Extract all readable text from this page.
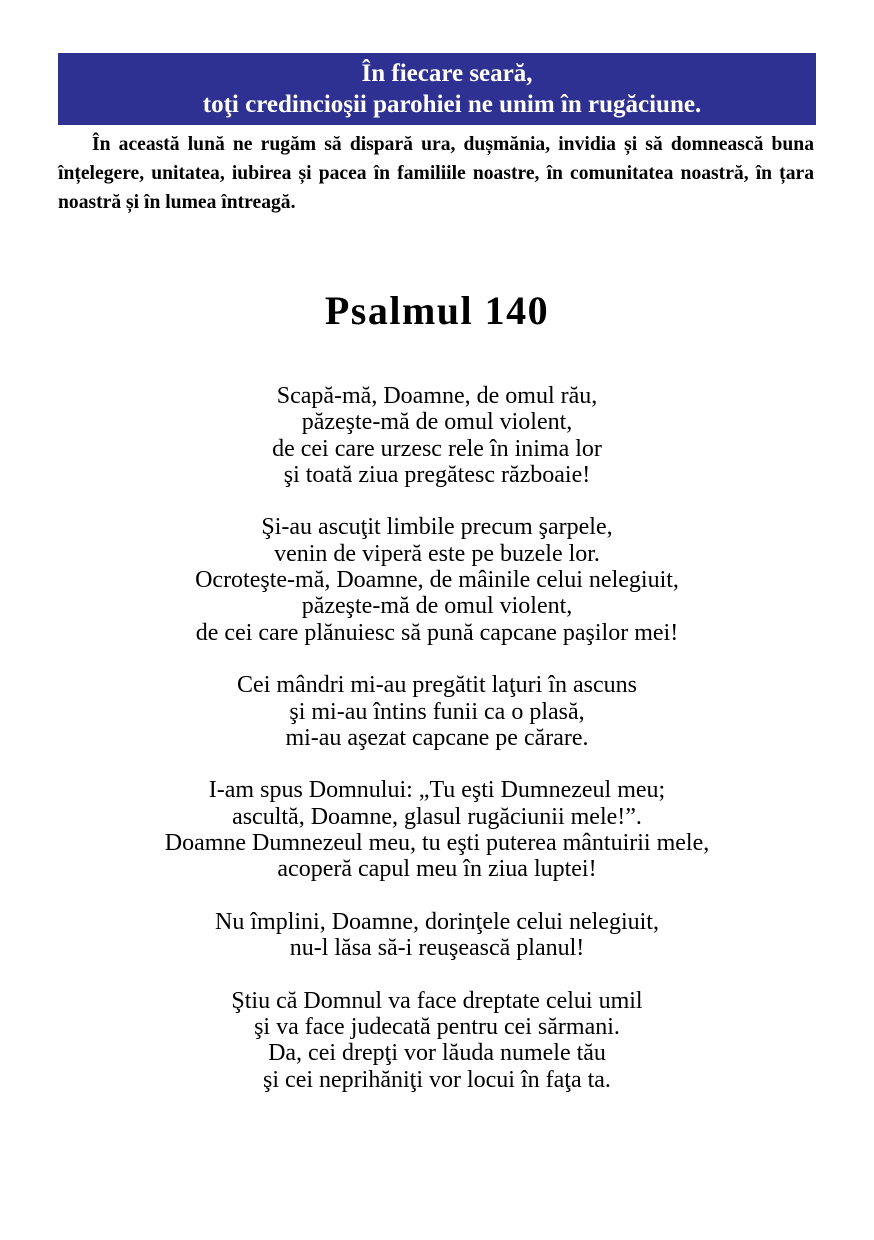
În fiecare seară,
toţi credincioşii parohiei ne unim în rugăciune.

În această lună ne rugăm să dispară ura, dușmănia, invidia și să domnească buna înțelegere, unitatea, iubirea și pacea în familiile noastre, în comunitatea noastră, în țara noastră și în lumea întreagă.

Psalmul 140
Scapă-mă, Doamne, de omul rău,
păzeşte-mă de omul violent,
de cei care urzesc rele în inima lor
şi toată ziua pregătesc războaie!
Şi-au ascuţit limbile precum şarpele,
venin de viperă este pe buzele lor.
Ocroteşte-mă, Doamne, de mâinile celui nelegiuit,
păzeşte-mă de omul violent,
de cei care plănuiesc să pună capcane paşilor mei!
Cei mândri mi-au pregătit laţuri în ascuns
şi mi-au întins funii ca o plasă,
mi-au aşezat capcane pe cărare.
I-am spus Domnului: „Tu eşti Dumnezeul meu;
ascultă, Doamne, glasul rugăciunii mele!”.
Doamne Dumnezeul meu, tu eşti puterea mântuirii mele,
acoperă capul meu în ziua luptei!
Nu împlini, Doamne, dorinţele celui nelegiuit,
nu-l lăsa să-i reuşească planul!
Ştiu că Domnul va face dreptate celui umil
şi va face judecată pentru cei sărmani.
Da, cei drepţi vor lăuda numele tău
şi cei neprihăniţi vor locui în faţa ta.
